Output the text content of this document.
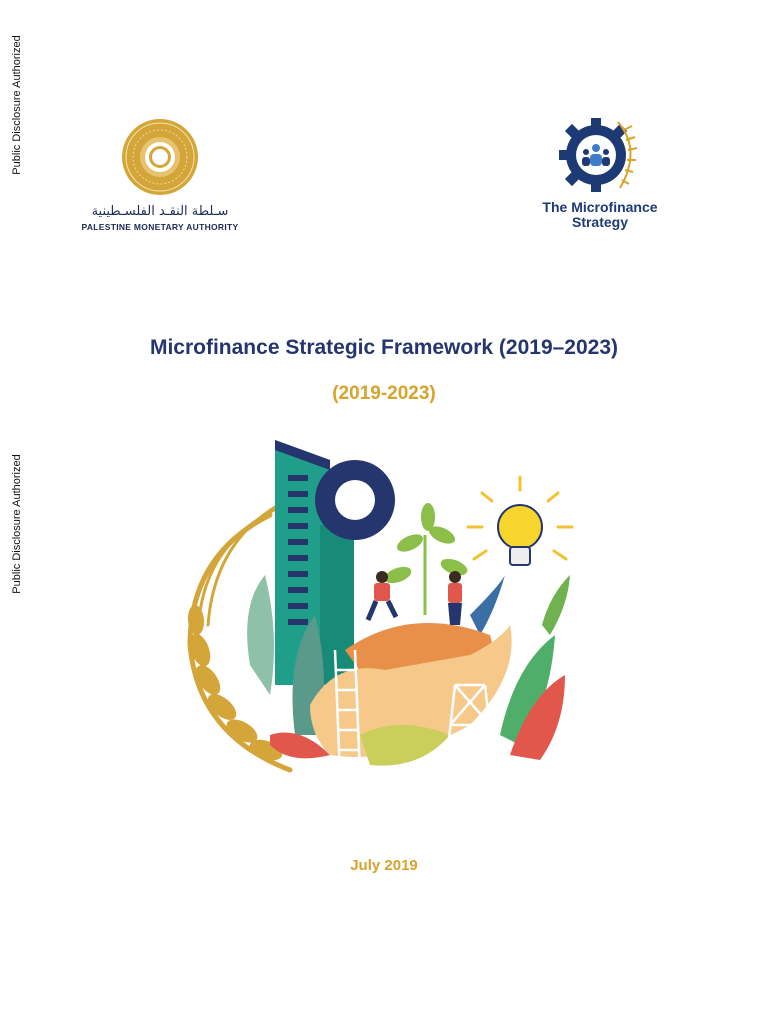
Public Disclosure Authorized
Public Disclosure Authorized
سـلطة النقـد الفلسـطينية
PALESTINE MONETARY AUTHORITY
The Microfinance Strategy
Microfinance Strategic Framework (2019–2023)
(2019-2023)
July 2019
